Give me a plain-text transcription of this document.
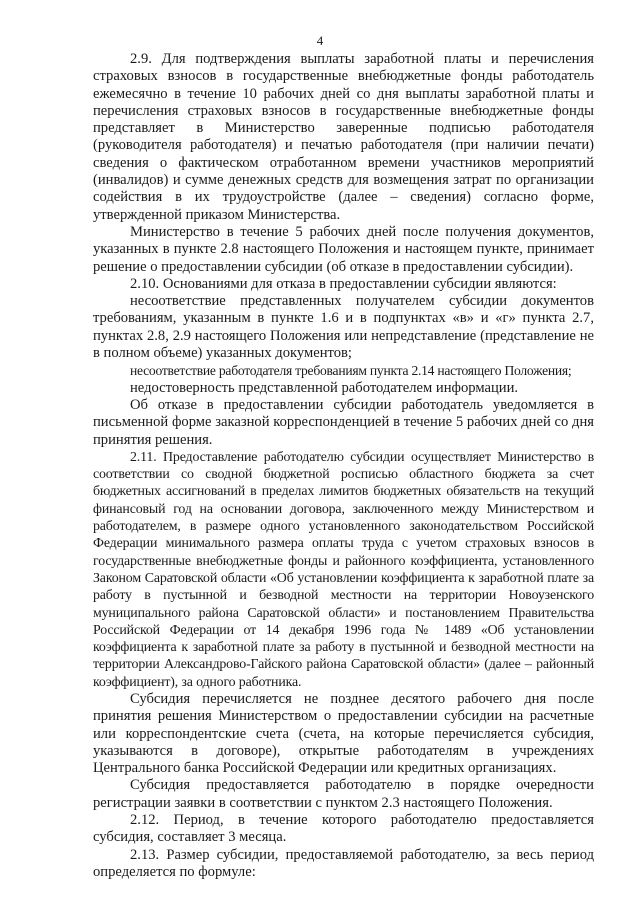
4

2.9. Для подтверждения выплаты заработной платы и перечисления страховых взносов в государственные внебюджетные фонды работодатель ежемесячно в течение 10 рабочих дней со дня выплаты заработной платы и перечисления страховых взносов в государственные внебюджетные фонды представляет в Министерство заверенные подписью работодателя (руководителя работодателя) и печатью работодателя (при наличии печати) сведения о фактическом отработанном времени участников мероприятий (инвалидов) и сумме денежных средств для возмещения затрат по организации содействия в их трудоустройстве (далее – сведения) согласно форме, утвержденной приказом Министерства.

Министерство в течение 5 рабочих дней после получения документов, указанных в пункте 2.8 настоящего Положения и настоящем пункте, принимает решение о предоставлении субсидии (об отказе в предоставлении субсидии).

2.10. Основаниями для отказа в предоставлении субсидии являются:

несоответствие представленных получателем субсидии документов требованиям, указанным в пункте 1.6 и в подпунктах «в» и «г» пункта 2.7, пунктах 2.8, 2.9 настоящего Положения или непредставление (представление не в полном объеме) указанных документов;

несоответствие работодателя требованиям пункта 2.14 настоящего Положения;

недостоверность представленной работодателем информации.

Об отказе в предоставлении субсидии работодатель уведомляется в письменной форме заказной корреспонденцией в течение 5 рабочих дней со дня принятия решения.

2.11. Предоставление работодателю субсидии осуществляет Министерство в соответствии со сводной бюджетной росписью областного бюджета за счет бюджетных ассигнований в пределах лимитов бюджетных обязательств на текущий финансовый год на основании договора, заключенного между Министерством и работодателем, в размере одного установленного законодательством Российской Федерации минимального размера оплаты труда с учетом страховых взносов в государственные внебюджетные фонды и районного коэффициента, установленного Законом Саратовской области «Об установлении коэффициента к заработной плате за работу в пустынной и безводной местности на территории Новоузенского муниципального района Саратовской области» и постановлением Правительства Российской Федерации от 14 декабря 1996 года № 1489 «Об установлении коэффициента к заработной плате за работу в пустынной и безводной местности на территории Александрово-Гайского района Саратовской области» (далее – районный коэффициент), за одного работника.

Субсидия перечисляется не позднее десятого рабочего дня после принятия решения Министерством о предоставлении субсидии на расчетные или корреспондентские счета (счета, на которые перечисляется субсидия, указываются в договоре), открытые работодателям в учреждениях Центрального банка Российской Федерации или кредитных организациях.

Субсидия предоставляется работодателю в порядке очередности регистрации заявки в соответствии с пунктом 2.3 настоящего Положения.

2.12. Период, в течение которого работодателю предоставляется субсидия, составляет 3 месяца.

2.13. Размер субсидии, предоставляемой работодателю, за весь период определяется по формуле:
